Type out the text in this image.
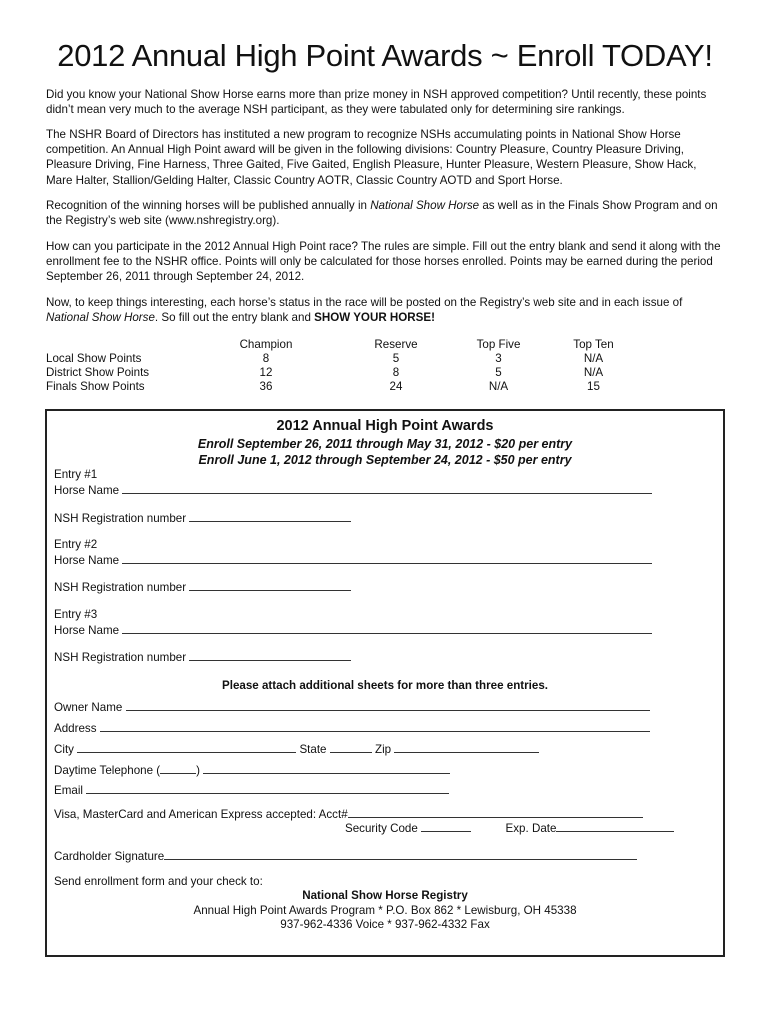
2012 Annual High Point Awards ~ Enroll TODAY!

Did you know your National Show Horse earns more than prize money in NSH approved competition? Until recently, these points didn’t mean very much to the average NSH participant, as they were tabulated only for determining sire rankings.

The NSHR Board of Directors has instituted a new program to recognize NSHs accumulating points in National Show Horse competition. An Annual High Point award will be given in the following divisions: Country Pleasure, Country Pleasure Driving, Pleasure Driving, Fine Harness, Three Gaited, Five Gaited, English Pleasure, Hunter Pleasure, Western Pleasure, Show Hack, Mare Halter, Stallion/Gelding Halter, Classic Country AOTR, Classic Country AOTD and Sport Horse.

Recognition of the winning horses will be published annually in National Show Horse as well as in the Finals Show Program and on the Registry’s web site (www.nshregistry.org).

How can you participate in the 2012 Annual High Point race? The rules are simple. Fill out the entry blank and send it along with the enrollment fee to the NSHR office. Points will only be calculated for those horses enrolled. Points may be earned during the period September 26, 2011 through September 24, 2012.

Now, to keep things interesting, each horse’s status in the race will be posted on the Registry’s web site and in each issue of National Show Horse. So fill out the entry blank and SHOW YOUR HORSE!

	Champion	Reserve	Top Five	Top Ten
Local Show Points	8	5	3	N/A
District Show Points	12	8	5	N/A
Finals Show Points	36	24	N/A	15
2012 Annual High Point Awards
Enroll September 26, 2011 through May 31, 2012 - $20 per entry
Enroll June 1, 2012 through September 24, 2012 - $50 per entry
Entry #1
Horse Name
NSH Registration number
Entry #2
Horse Name
NSH Registration number
Entry #3
Horse Name
NSH Registration number
Please attach additional sheets for more than three entries.
Owner Name
Address
City	State	Zip
Daytime Telephone (	)
Email
Visa, MasterCard and American Express accepted: Acct#
Security Code	Exp. Date
Cardholder Signature
Send enrollment form and your check to:
National Show Horse Registry
Annual High Point Awards Program * P.O. Box 862 * Lewisburg, OH 45338
937-962-4336 Voice * 937-962-4332 Fax
